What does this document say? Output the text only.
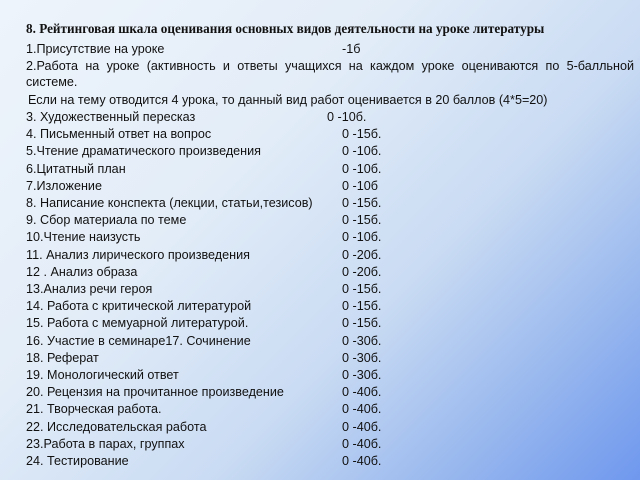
8. Рейтинговая шкала оценивания основных видов деятельности на уроке литературы
1.Присутствие на уроке	-1б
2.Работа на уроке (активность и ответы учащихся на каждом уроке оцениваются по 5-балльной системе.
Если на тему отводится 4 урока, то данный вид работ оценивается в 20 баллов (4*5=20)
3. Художественный пересказ	0 -10б.
4. Письменный ответ на вопрос	0 -15б.
5.Чтение драматического произведения	0 -10б.
6.Цитатный план	0 -10б.
7.Изложение	0 -10б
8. Написание конспекта (лекции, статьи,тезисов) 0 -15б.
9. Сбор материала по теме	0 -15б.
10.Чтение наизусть	0 -10б.
11. Анализ лирического произведения	0 -20б.
12 . Анализ образа	0 -20б.
13.Анализ речи героя	0 -15б.
14. Работа с критической литературой	0 -15б.
15. Работа с мемуарной литературой.	0 -15б.
16. Участие в семинаре17. Сочинение	0 -30б.
18. Реферат	0 -30б.
19. Монологический ответ	0 -30б.
20. Рецензия на прочитанное произведение	0 -40б.
21. Творческая работа.	0 -40б.
22. Исследовательская работа	0 -40б.
23.Работа в парах, группах	0 -40б.
24. Тестирование	0 -40б.
